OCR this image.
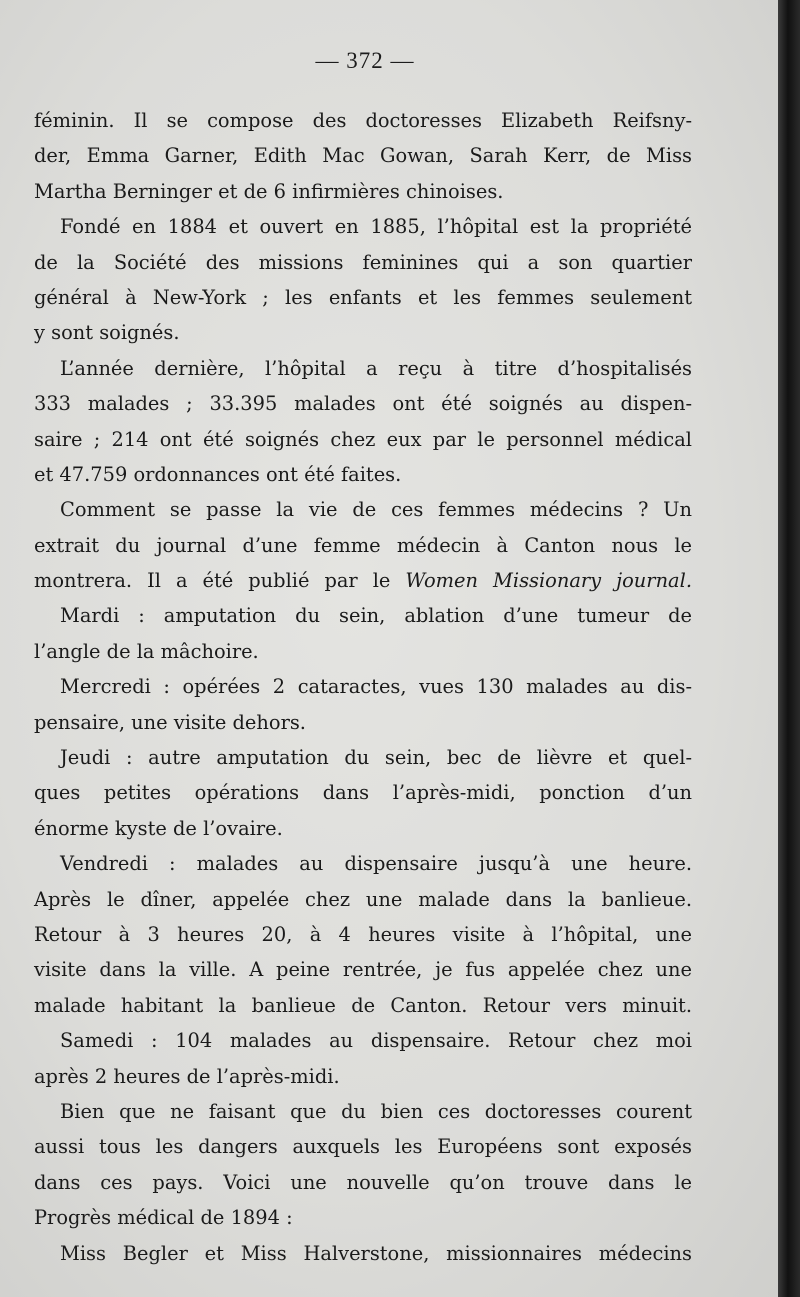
— 372 —
féminin. Il se compose des doctoresses Elizabeth Reifsny-
der, Emma Garner, Edith Mac Gowan, Sarah Kerr, de Miss
Martha Berninger et de 6 infirmières chinoises.
Fondé en 1884 et ouvert en 1885, l’hôpital est la propriété
de la Société des missions feminines qui a son quartier
général à New-York ; les enfants et les femmes seulement
y sont soignés.
L’année dernière, l’hôpital a reçu à titre d’hospitalisés
333 malades ; 33.395 malades ont été soignés au dispen-
saire ; 214 ont été soignés chez eux par le personnel médical
et 47.759 ordonnances ont été faites.
Comment se passe la vie de ces femmes médecins ? Un
extrait du journal d’une femme médecin à Canton nous le
montrera. Il a été publié par le Women Missionary journal.
Mardi : amputation du sein, ablation d’une tumeur de
l’angle de la mâchoire.
Mercredi : opérées 2 cataractes, vues 130 malades au dis-
pensaire, une visite dehors.
Jeudi : autre amputation du sein, bec de lièvre et quel-
ques petites opérations dans l’après-midi, ponction d’un
énorme kyste de l’ovaire.
Vendredi : malades au dispensaire jusqu’à une heure.
Après le dîner, appelée chez une malade dans la banlieue.
Retour à 3 heures 20, à 4 heures visite à l’hôpital, une
visite dans la ville. A peine rentrée, je fus appelée chez une
malade habitant la banlieue de Canton. Retour vers minuit.
Samedi : 104 malades au dispensaire. Retour chez moi
après 2 heures de l’après-midi.
Bien que ne faisant que du bien ces doctoresses courent
aussi tous les dangers auxquels les Européens sont exposés
dans ces pays. Voici une nouvelle qu’on trouve dans le
Progrès médical de 1894 :
Miss Begler et Miss Halverstone, missionnaires médecins
